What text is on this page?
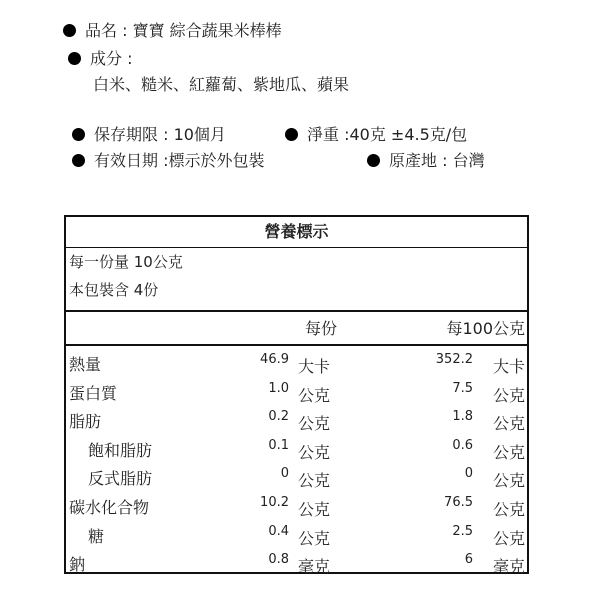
品名 : 寶寶 綜合蔬果米棒棒
成分 :
白米、糙米、紅蘿蔔、紫地瓜、蘋果
保存期限 : 10個月	淨重 :40克 ±4.5克/包
有效日期 :標示於外包裝	原產地 : 台灣
營養標示
每一份量 10公克
本包裝含 4份
每份	每100公克
熱量	46.9 大卡	352.2 大卡
蛋白質	1.0 公克	7.5 公克
脂肪	0.2 公克	1.8 公克
飽和脂肪	0.1 公克	0.6 公克
反式脂肪	0 公克	0 公克
碳水化合物	10.2 公克	76.5 公克
糖	0.4 公克	2.5 公克
鈉	0.8 毫克	6 毫克
